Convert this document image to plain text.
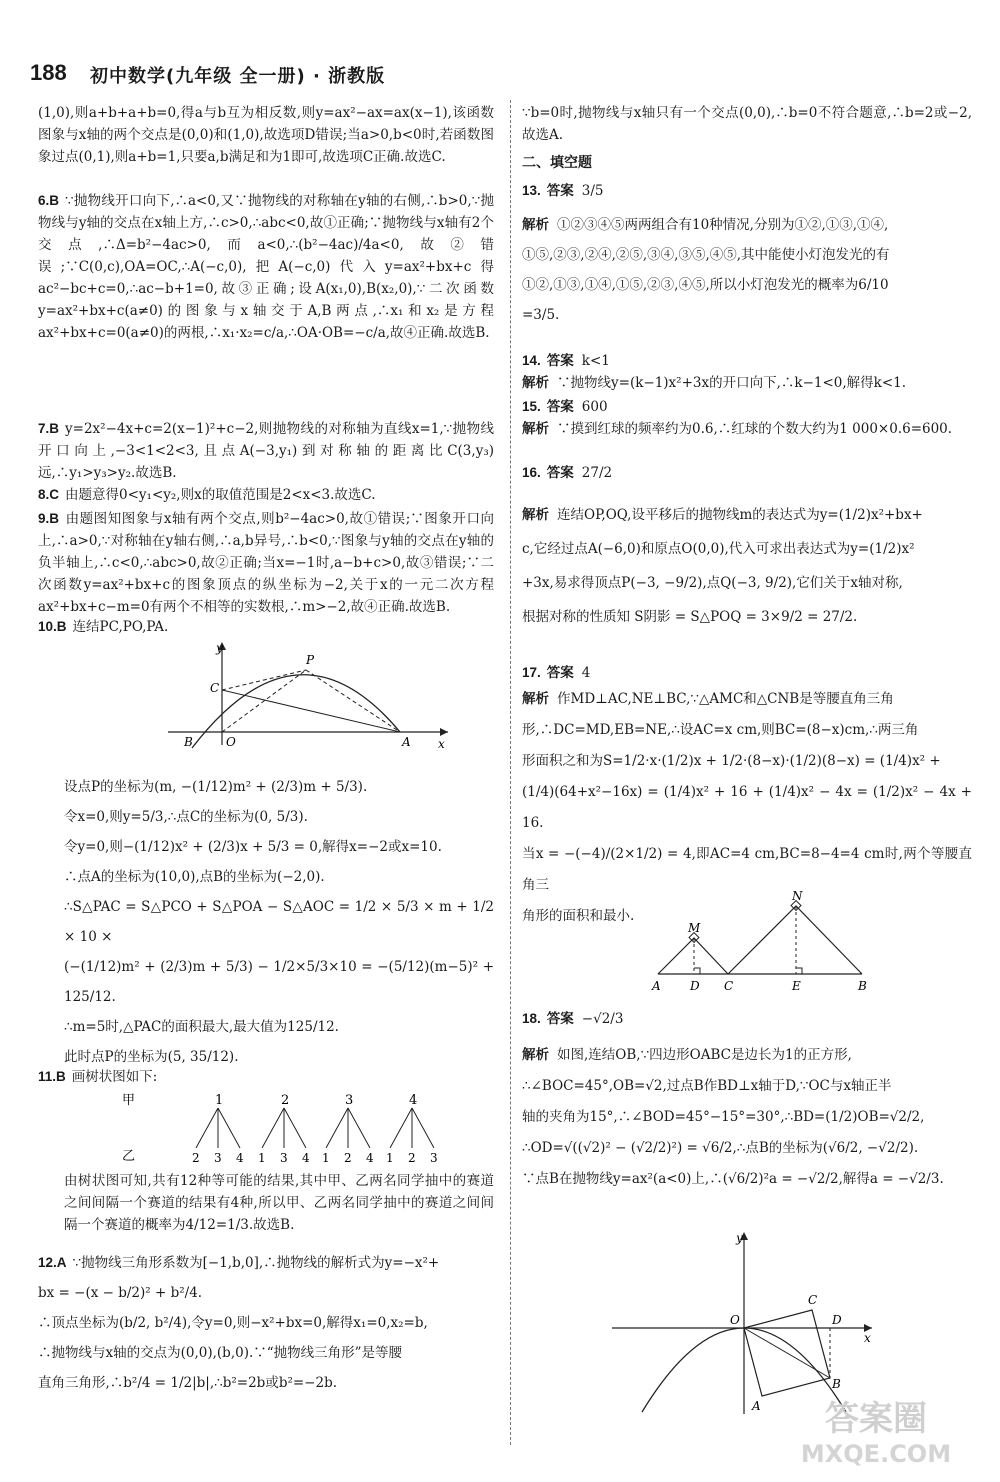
188 初中数学(九年级 全一册) · 浙教版

(1,0),则a+b+a+b=0,得a与b互为相反数,则y=ax²−ax=ax(x−1),该函数图象与x轴的两个交点是(0,0)和(1,0),故选项D错误;当a>0,b<0时,若函数图象过点(0,1),则a+b=1,只要a,b满足和为1即可,故选项C正确.故选C.

6.B ∵抛物线开口向下,∴a<0,又∵抛物线的对称轴在y轴的右侧,∴b>0,∵抛物线与y轴的交点在x轴上方,∴c>0,∴abc<0,故①正确;∵抛物线与x轴有2个交点,∴Δ=b²−4ac>0,而a<0,∴(b²−4ac)/4a<0,故②错误;∵C(0,c),OA=OC,∴A(−c,0),把A(−c,0)代入y=ax²+bx+c得ac²−bc+c=0,∴ac−b+1=0,故③正确;设A(x₁,0),B(x₂,0),∵二次函数y=ax²+bx+c(a≠0)的图象与x轴交于A,B两点,∴x₁和x₂是方程ax²+bx+c=0(a≠0)的两根,∴x₁·x₂=c/a,∴OA·OB=−c/a,故④正确.故选B.

7.B y=2x²−4x+c=2(x−1)²+c−2,则抛物线的对称轴为直线x=1,∵抛物线开口向上,−3<1<2<3,且点A(−3,y₁)到对称轴的距离比C(3,y₃)远,∴y₁>y₃>y₂.故选B.

8.C 由题意得0<y₁<y₂,则x的取值范围是2<x<3.故选C.

9.B 由题图知图象与x轴有两个交点,则b²−4ac>0,故①错误;∵图象开口向上,∴a>0,∵对称轴在y轴右侧,∴a,b异号,∴b<0,∵图象与y轴的交点在y轴的负半轴上,∴c<0,∴abc>0,故②正确;当x=−1时,a−b+c>0,故③错误;∵二次函数y=ax²+bx+c的图象顶点的纵坐标为−2,关于x的一元二次方程ax²+bx+c−m=0有两个不相等的实数根,∴m>−2,故④正确.故选B.

10.B 连结PC,PO,PA.

y
x
O
P
C
B	A

设点P的坐标为(m, −(1/12)m² + (2/3)m + 5/3).

令x=0,则y=5/3,∴点C的坐标为(0, 5/3).

令y=0,则−(1/12)x² + (2/3)x + 5/3 = 0,解得x=−2或x=10.

∴点A的坐标为(10,0),点B的坐标为(−2,0).

∴S△PAC = S△PCO + S△POA − S△AOC = 1/2 × 5/3 × m + 1/2 × 10 ×

(−(1/12)m² + (2/3)m + 5/3) − 1/2×5/3×10 = −(5/12)(m−5)² + 125/12.

∴m=5时,△PAC的面积最大,最大值为125/12.

此时点P的坐标为(5, 35/12).

11.B 画树状图如下:

甲
乙
1	2	3	4
2 3 4 1 3 4 1 2 4 1 2 3

由树状图可知,共有12种等可能的结果,其中甲、乙两名同学抽中的赛道之间间隔一个赛道的结果有4种,所以甲、乙两名同学抽中的赛道之间间隔一个赛道的概率为4/12=1/3.故选B.

12.A ∵抛物线三角形系数为[−1,b,0],∴抛物线的解析式为y=−x²+

bx = −(x − b/2)² + b²/4.

∴顶点坐标为(b/2, b²/4),令y=0,则−x²+bx=0,解得x₁=0,x₂=b,

∴抛物线与x轴的交点为(0,0),(b,0).∵“抛物线三角形”是等腰

直角三角形,∴b²/4 = 1/2|b|,∴b²=2b或b²=−2b.

∵b=0时,抛物线与x轴只有一个交点(0,0),∴b=0不符合题意,∴b=2或−2,故选A.

二、填空题

13. 答案 3/5

解析 ①②③④⑤两两组合有10种情况,分别为①②,①③,①④,

①⑤,②③,②④,②⑤,③④,③⑤,④⑤,其中能使小灯泡发光的有

①②,①③,①④,①⑤,②③,④⑤,所以小灯泡发光的概率为6/10

=3/5.

14. 答案 k<1

解析 ∵抛物线y=(k−1)x²+3x的开口向下,∴k−1<0,解得k<1.

15. 答案 600

解析 ∵摸到红球的频率约为0.6,∴红球的个数大约为1 000×0.6=600.

16. 答案 27/2

解析 连结OP,OQ,设平移后的抛物线m的表达式为y=(1/2)x²+bx+

c,它经过点A(−6,0)和原点O(0,0),代入可求出表达式为y=(1/2)x²

+3x,易求得顶点P(−3, −9/2),点Q(−3, 9/2),它们关于x轴对称,

根据对称的性质知 S阴影 = S△POQ = 3×9/2 = 27/2.

17. 答案 4

解析 作MD⊥AC,NE⊥BC,∵△AMC和△CNB是等腰直角三角

形,∴DC=MD,EB=NE,∴设AC=x cm,则BC=(8−x)cm,∴两三角

形面积之和为S=1/2·x·(1/2)x + 1/2·(8−x)·(1/2)(8−x) = (1/4)x² +

(1/4)(64+x²−16x) = (1/4)x² + 16 + (1/4)x² − 4x = (1/2)x² − 4x + 16.

当x = −(−4)/(2×1/2) = 4,即AC=4 cm,BC=8−4=4 cm时,两个等腰直角三

角形的面积和最小.

M
N
A D C	E	B

18. 答案 −√2/3

解析 如图,连结OB,∵四边形OABC是边长为1的正方形,

∴∠BOC=45°,OB=√2,过点B作BD⊥x轴于D,∵OC与x轴正半

轴的夹角为15°,∴∠BOD=45°−15°=30°,∴BD=(1/2)OB=√2/2,

∴OD=√((√2)² − (√2/2)²) = √6/2,∴点B的坐标为(√6/2, −√2/2).

∵点B在抛物线y=ax²(a<0)上,∴(√6/2)²a = −√2/2,解得a = −√2/3.

O
y
x
C
D
B
A 答案圈
MXQE.COM
